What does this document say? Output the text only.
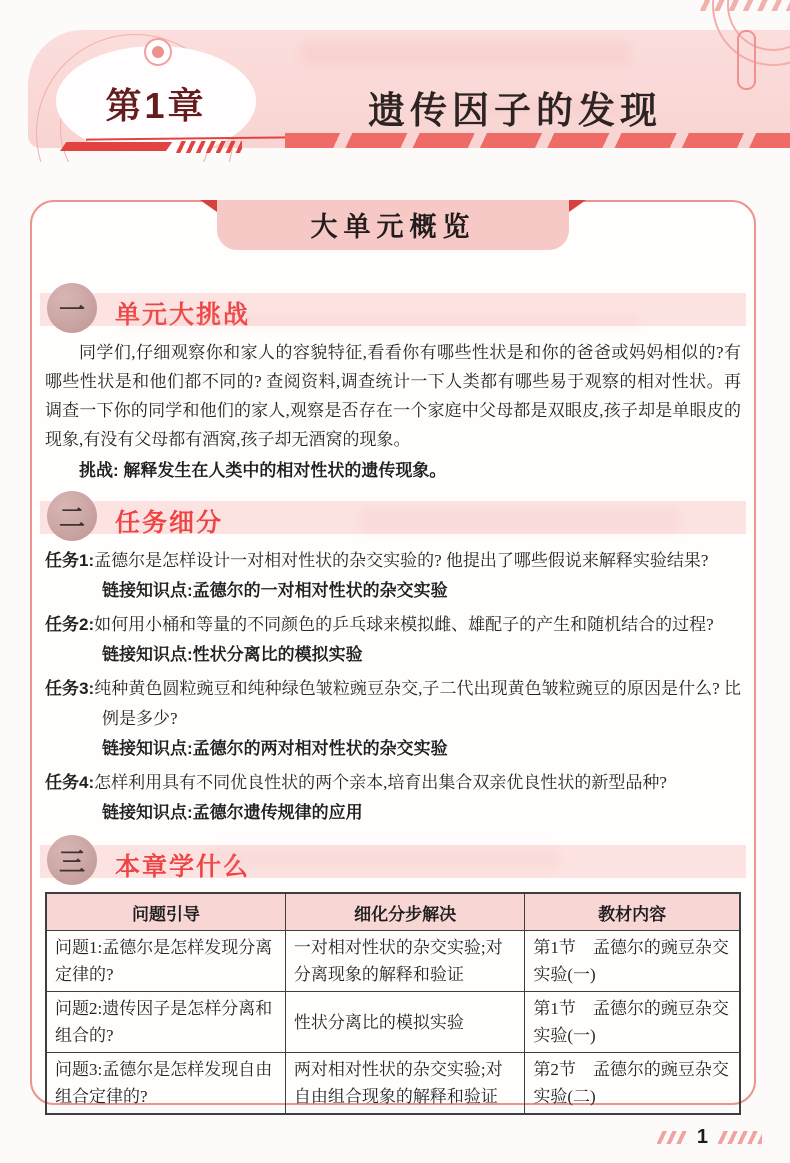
第1章	遗传因子的发现
大单元概览
一 单元大挑战

同学们,仔细观察你和家人的容貌特征,看看你有哪些性状是和你的爸爸或妈妈相似的?有哪些性状是和他们都不同的? 查阅资料,调查统计一下人类都有哪些易于观察的相对性状。再调查一下你的同学和他们的家人,观察是否存在一个家庭中父母都是双眼皮,孩子却是单眼皮的现象,有没有父母都有酒窝,孩子却无酒窝的现象。

挑战: 解释发生在人类中的相对性状的遗传现象。

二 任务细分

任务1:孟德尔是怎样设计一对相对性状的杂交实验的? 他提出了哪些假说来解释实验结果?

链接知识点:孟德尔的一对相对性状的杂交实验

任务2:如何用小桶和等量的不同颜色的乒乓球来模拟雌、雄配子的产生和随机结合的过程?

链接知识点:性状分离比的模拟实验

任务3:纯种黄色圆粒豌豆和纯种绿色皱粒豌豆杂交,子二代出现黄色皱粒豌豆的原因是什么? 比例是多少?

链接知识点:孟德尔的两对相对性状的杂交实验

任务4:怎样利用具有不同优良性状的两个亲本,培育出集合双亲优良性状的新型品种?

链接知识点:孟德尔遗传规律的应用

三 本章学什么
问题引导	细化分步解决	教材内容
问题1:孟德尔是怎样发现分离定律的?	一对相对性状的杂交实验;对分离现象的解释和验证	第1节　孟德尔的豌豆杂交实验(一)
问题2:遗传因子是怎样分离和组合的?	性状分离比的模拟实验	第1节　孟德尔的豌豆杂交实验(一)
问题3:孟德尔是怎样发现自由组合定律的?	两对相对性状的杂交实验;对自由组合现象的解释和验证	第2节　孟德尔的豌豆杂交实验(二)
1
